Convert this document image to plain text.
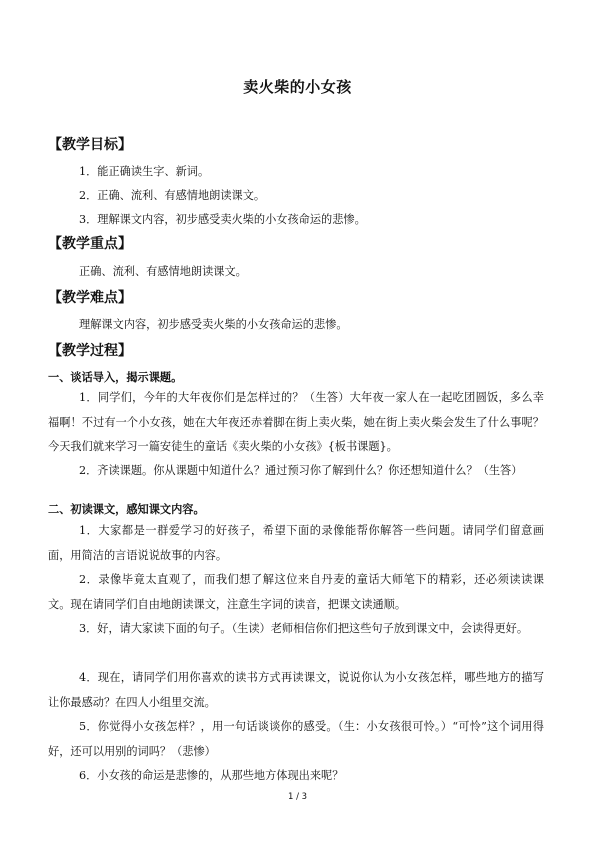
卖火柴的小女孩
【教学目标】
1．能正确读生字、新词。
2．正确、流利、有感情地朗读课文。
3．理解课文内容，初步感受卖火柴的小女孩命运的悲惨。
【教学重点】
正确、流利、有感情地朗读课文。
【教学难点】
理解课文内容，初步感受卖火柴的小女孩命运的悲惨。
【教学过程】
一、谈话导入，揭示课题。
1．同学们，今年的大年夜你们是怎样过的？（生答）大年夜一家人在一起吃团圆饭，多么幸福啊！不过有一个小女孩，她在大年夜还赤着脚在街上卖火柴，她在街上卖火柴会发生了什么事呢？今天我们就来学习一篇安徒生的童话《卖火柴的小女孩》{板书课题}。
2．齐读课题。你从课题中知道什么？通过预习你了解到什么？你还想知道什么？（生答）
二、初读课文，感知课文内容。
1．大家都是一群爱学习的好孩子，希望下面的录像能帮你解答一些问题。请同学们留意画面，用简洁的言语说说故事的内容。
2．录像毕竟太直观了，而我们想了解这位来自丹麦的童话大师笔下的精彩，还必须读读课文。现在请同学们自由地朗读课文，注意生字词的读音，把课文读通顺。
3．好，请大家读下面的句子。（生读）老师相信你们把这些句子放到课文中，会读得更好。
4．现在，请同学们用你喜欢的读书方式再读课文，说说你认为小女孩怎样，哪些地方的描写让你最感动？在四人小组里交流。
5．你觉得小女孩怎样？，用一句话谈谈你的感受。（生：小女孩很可怜。）“可怜”这个词用得好，还可以用别的词吗？（悲惨）
6．小女孩的命运是悲惨的，从那些地方体现出来呢？
1 / 3
